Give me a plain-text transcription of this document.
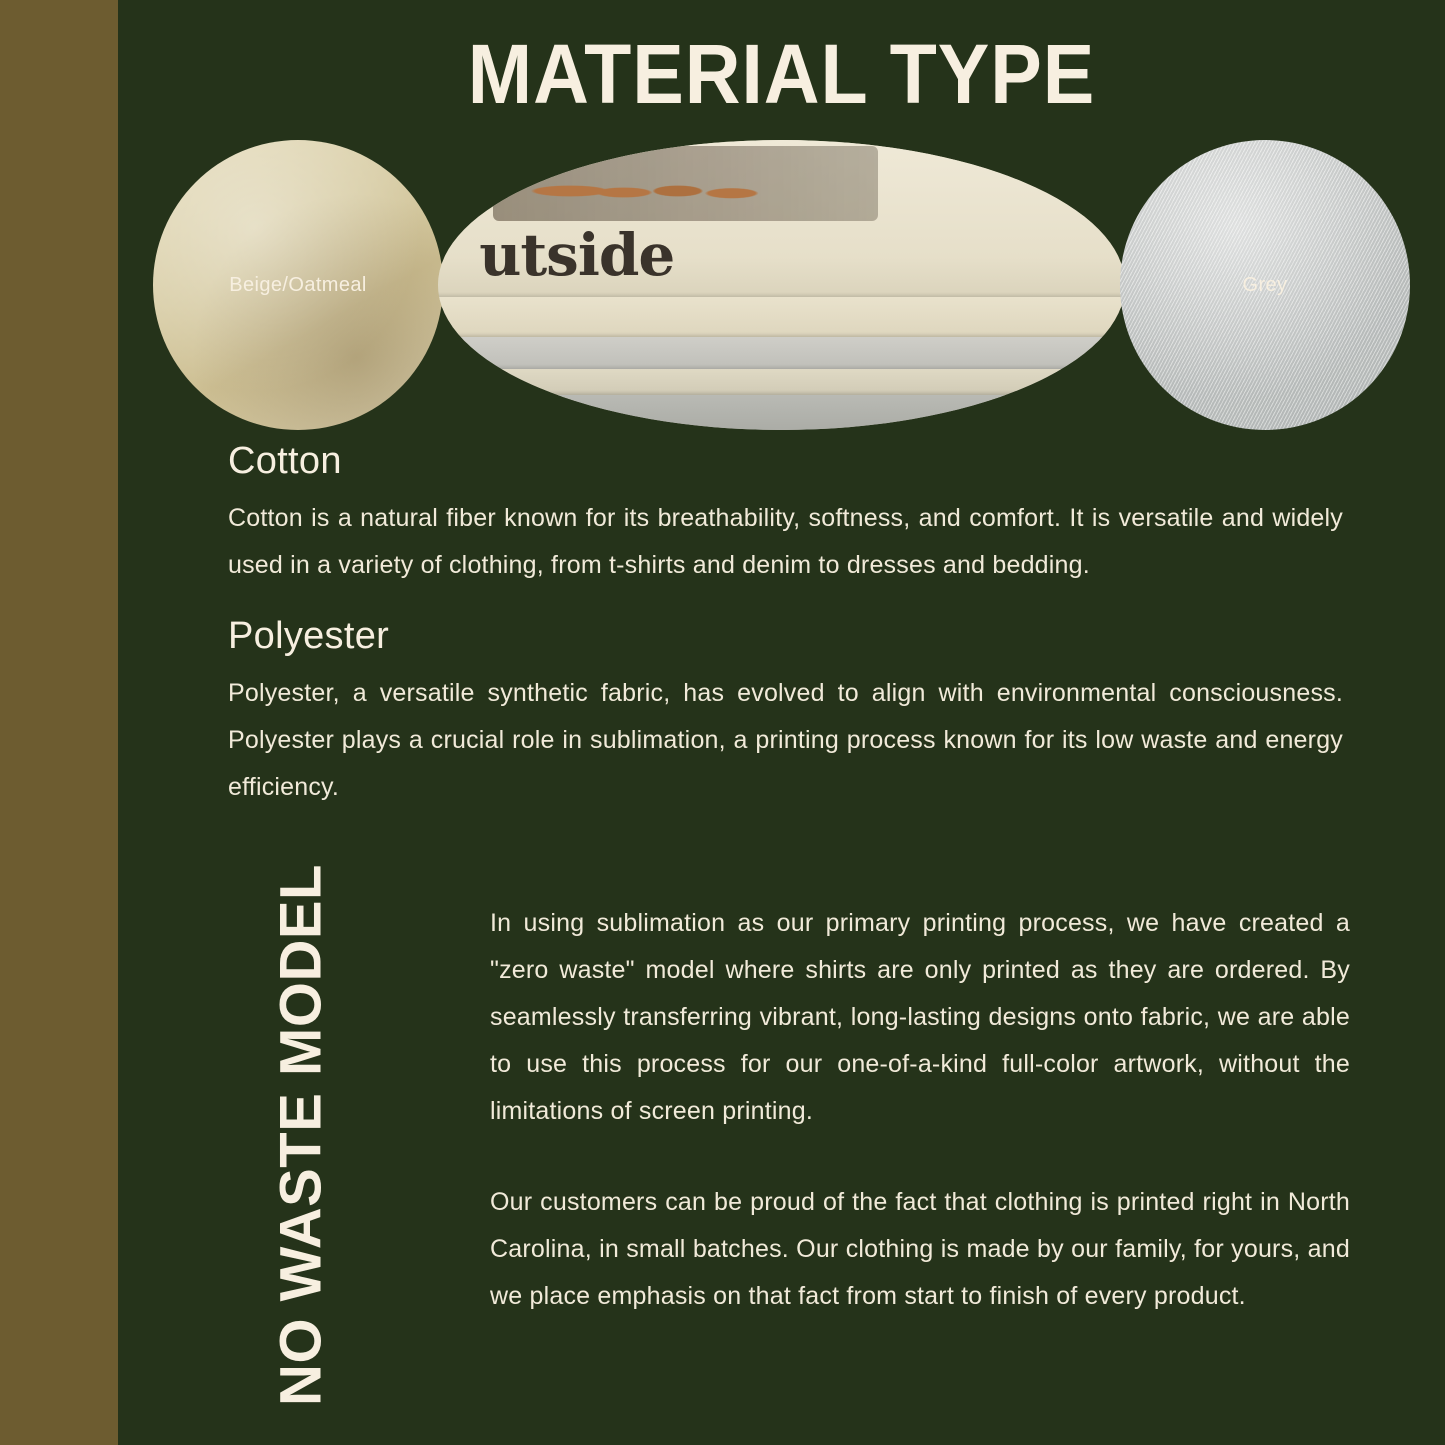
MATERIAL TYPE
Beige/Oatmeal	utside	Grey
Cotton

Cotton is a natural fiber known for its breathability, softness, and comfort. It is versatile and widely used in a variety of clothing, from t-shirts and denim to dresses and bedding.

Polyester

Polyester, a versatile synthetic fabric, has evolved to align with environmental consciousness. Polyester plays a crucial role in sublimation, a printing process known for its low waste and energy efficiency.

NO WASTE MODEL	In using sublimation as our primary printing process, we have created a "zero waste" model where shirts are only printed as they are ordered. By seamlessly transferring vibrant, long-lasting designs onto fabric, we are able to use this process for our one-of-a-kind full-color artwork, without the limitations of screen printing.

Our customers can be proud of the fact that clothing is printed right in North Carolina, in small batches. Our clothing is made by our family, for yours, and we place emphasis on that fact from start to finish of every product.
